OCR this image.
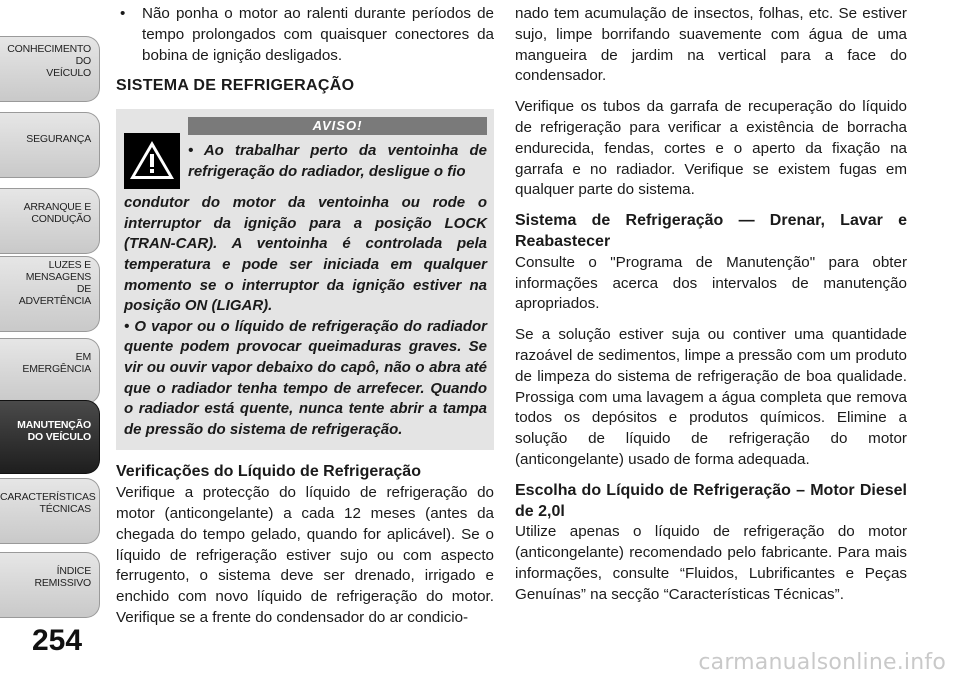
CONHECIMENTO
DO
VEÍCULO
SEGURANÇA
ARRANQUE E
CONDUÇÃO
LUZES E
MENSAGENS
DE
ADVERTÊNCIA
EM
EMERGÊNCIA
MANUTENÇÃO
DO VEÍCULO
CARACTERÍSTICAS
TÉCNICAS
ÍNDICE
REMISSIVO
254
• Não ponha o motor ao ralenti durante períodos de tempo prolongados com quaisquer conectores da bobina de ignição desligados.
SISTEMA DE REFRIGERAÇÃO
AVISO!

• Ao trabalhar perto da ventoinha de refrigeração do radiador, desligue o fio

condutor do motor da ventoinha ou rode o interruptor da ignição para a posição LOCK (TRAN-CAR). A ventoinha é controlada pela temperatura e pode ser iniciada em qualquer momento se o interruptor da ignição estiver na posição ON (LIGAR).

• O vapor ou o líquido de refrigeração do radiador quente podem provocar queimaduras graves. Se vir ou ouvir vapor debaixo do capô, não o abra até que o radiador tenha tempo de arrefecer. Quando o radiador está quente, nunca tente abrir a tampa de pressão do sistema de refrigeração.

Verificações do Líquido de Refrigeração

Verifique a protecção do líquido de refrigeração do motor (anticongelante) a cada 12 meses (antes da chegada do tempo gelado, quando for aplicável). Se o líquido de refrigeração estiver sujo ou com aspecto ferrugento, o sistema deve ser drenado, irrigado e enchido com novo líquido de refrigeração do motor. Verifique se a frente do condensador do ar condicio-

nado tem acumulação de insectos, folhas, etc. Se estiver sujo, limpe borrifando suavemente com água de uma mangueira de jardim na vertical para a face do condensador.

Verifique os tubos da garrafa de recuperação do líquido de refrigeração para verificar a existência de borracha endurecida, fendas, cortes e o aperto da fixação na garrafa e no radiador. Verifique se existem fugas em qualquer parte do sistema.

Sistema de Refrigeração — Drenar, Lavar e Reabastecer

Consulte o "Programa de Manutenção" para obter informações acerca dos intervalos de manutenção apropriados.

Se a solução estiver suja ou contiver uma quantidade razoável de sedimentos, limpe a pressão com um produto de limpeza do sistema de refrigeração de boa qualidade. Prossiga com uma lavagem a água completa que remova todos os depósitos e produtos químicos. Elimine a solução de líquido de refrigeração do motor (anticongelante) usado de forma adequada.

Escolha do Líquido de Refrigeração – Motor Diesel de 2,0l

Utilize apenas o líquido de refrigeração do motor (anticongelante) recomendado pelo fabricante. Para mais informações, consulte “Fluidos, Lubrificantes e Peças Genuínas” na secção “Características Técnicas”.

carmanualsonline.info
